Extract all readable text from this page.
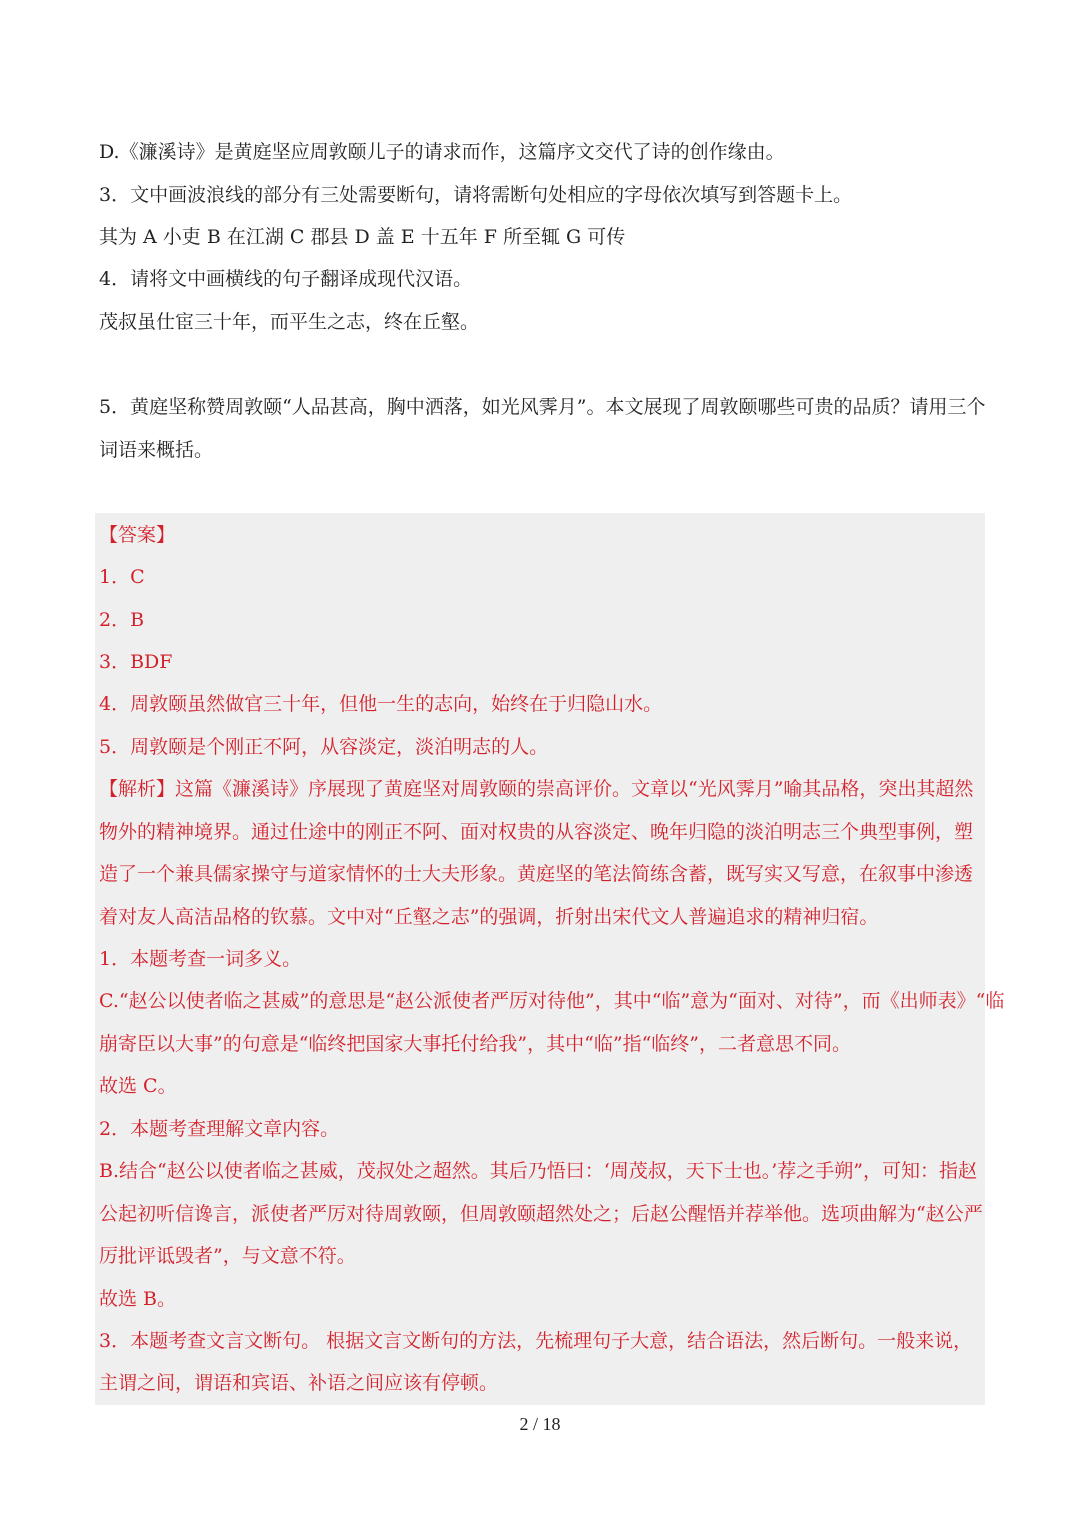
D.《濂溪诗》是黄庭坚应周敦颐儿子的请求而作，这篇序文交代了诗的创作缘由。
3．文中画波浪线的部分有三处需要断句，请将需断句处相应的字母依次填写到答题卡上。
其为 A 小吏 B 在江湖 C 郡县 D 盖 E 十五年 F 所至辄 G 可传
4．请将文中画横线的句子翻译成现代汉语。
茂叔虽仕宦三十年，而平生之志，终在丘壑。
5．黄庭坚称赞周敦颐“人品甚高，胸中洒落，如光风霁月”。本文展现了周敦颐哪些可贵的品质？请用三个
词语来概括。
【答案】
1．C
2．B
3．BDF
4．周敦颐虽然做官三十年，但他一生的志向，始终在于归隐山水。
5．周敦颐是个刚正不阿，从容淡定，淡泊明志的人。
【解析】这篇《濂溪诗》序展现了黄庭坚对周敦颐的崇高评价。文章以“光风霁月”喻其品格，突出其超然
物外的精神境界。通过仕途中的刚正不阿、面对权贵的从容淡定、晚年归隐的淡泊明志三个典型事例，塑
造了一个兼具儒家操守与道家情怀的士大夫形象。黄庭坚的笔法简练含蓄，既写实又写意，在叙事中渗透
着对友人高洁品格的钦慕。文中对“丘壑之志”的强调，折射出宋代文人普遍追求的精神归宿。
1．本题考查一词多义。
C.“赵公以使者临之甚威”的意思是“赵公派使者严厉对待他”，其中“临”意为“面对、对待”，而《出师表》“临
崩寄臣以大事”的句意是“临终把国家大事托付给我”，其中“临”指“临终”，二者意思不同。
故选 C。
2．本题考查理解文章内容。
B.结合“赵公以使者临之甚威，茂叔处之超然。其后乃悟曰：‘周茂叔，天下士也。’荐之手朔”，可知：指赵
公起初听信谗言，派使者严厉对待周敦颐，但周敦颐超然处之；后赵公醒悟并荐举他。选项曲解为“赵公严
厉批评诋毁者”，与文意不符。
故选 B。
3．本题考查文言文断句。 根据文言文断句的方法，先梳理句子大意，结合语法，然后断句。一般来说，
主谓之间，谓语和宾语、补语之间应该有停顿。
2 / 18
